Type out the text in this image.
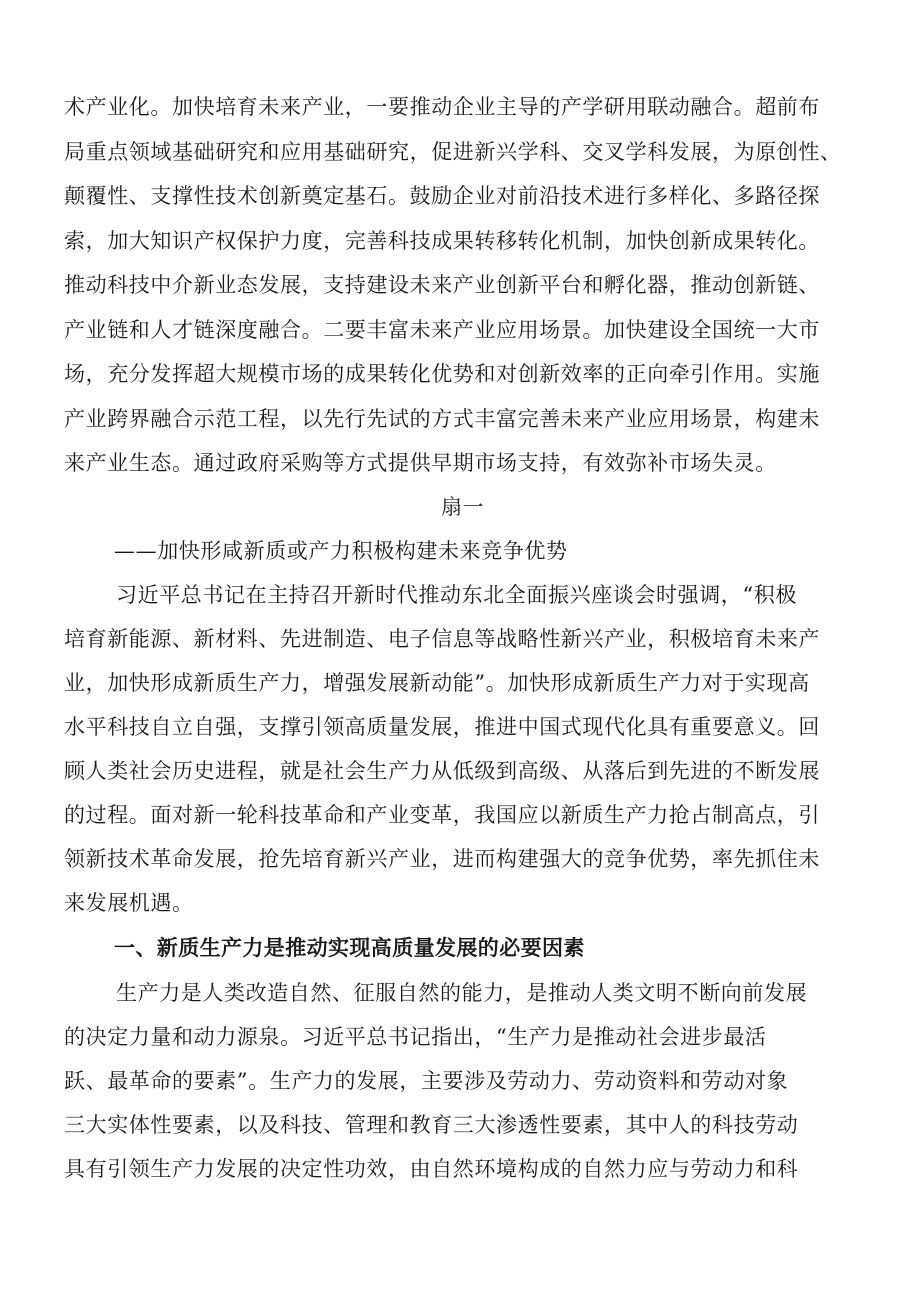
术产业化。加快培育未来产业，一要推动企业主导的产学研用联动融合。超前布
局重点领域基础研究和应用基础研究，促进新兴学科、交叉学科发展，为原创性、
颠覆性、支撑性技术创新奠定基石。鼓励企业对前沿技术进行多样化、多路径探
索，加大知识产权保护力度，完善科技成果转移转化机制，加快创新成果转化。
推动科技中介新业态发展，支持建设未来产业创新平台和孵化器，推动创新链、
产业链和人才链深度融合。二要丰富未来产业应用场景。加快建设全国统一大市
场，充分发挥超大规模市场的成果转化优势和对创新效率的正向牵引作用。实施
产业跨界融合示范工程，以先行先试的方式丰富完善未来产业应用场景，构建未
来产业生态。通过政府采购等方式提供早期市场支持，有效弥补市场失灵。
扇一
——加快形咸新质或产力积极构建未来竞争优势
习近平总书记在主持召开新时代推动东北全面振兴座谈会时强调，“积极
培育新能源、新材料、先进制造、电子信息等战略性新兴产业，积极培育未来产
业，加快形成新质生产力，增强发展新动能”。加快形成新质生产力对于实现高
水平科技自立自强，支撑引领高质量发展，推进中国式现代化具有重要意义。回
顾人类社会历史进程，就是社会生产力从低级到高级、从落后到先进的不断发展
的过程。面对新一轮科技革命和产业变革，我国应以新质生产力抢占制高点，引
领新技术革命发展，抢先培育新兴产业，进而构建强大的竞争优势，率先抓住未
来发展机遇。
一、新质生产力是推动实现高质量发展的必要因素
生产力是人类改造自然、征服自然的能力，是推动人类文明不断向前发展
的决定力量和动力源泉。习近平总书记指出，“生产力是推动社会进步最活
跃、最革命的要素”。生产力的发展，主要涉及劳动力、劳动资料和劳动对象
三大实体性要素，以及科技、管理和教育三大渗透性要素，其中人的科技劳动
具有引领生产力发展的决定性功效，由自然环境构成的自然力应与劳动力和科
